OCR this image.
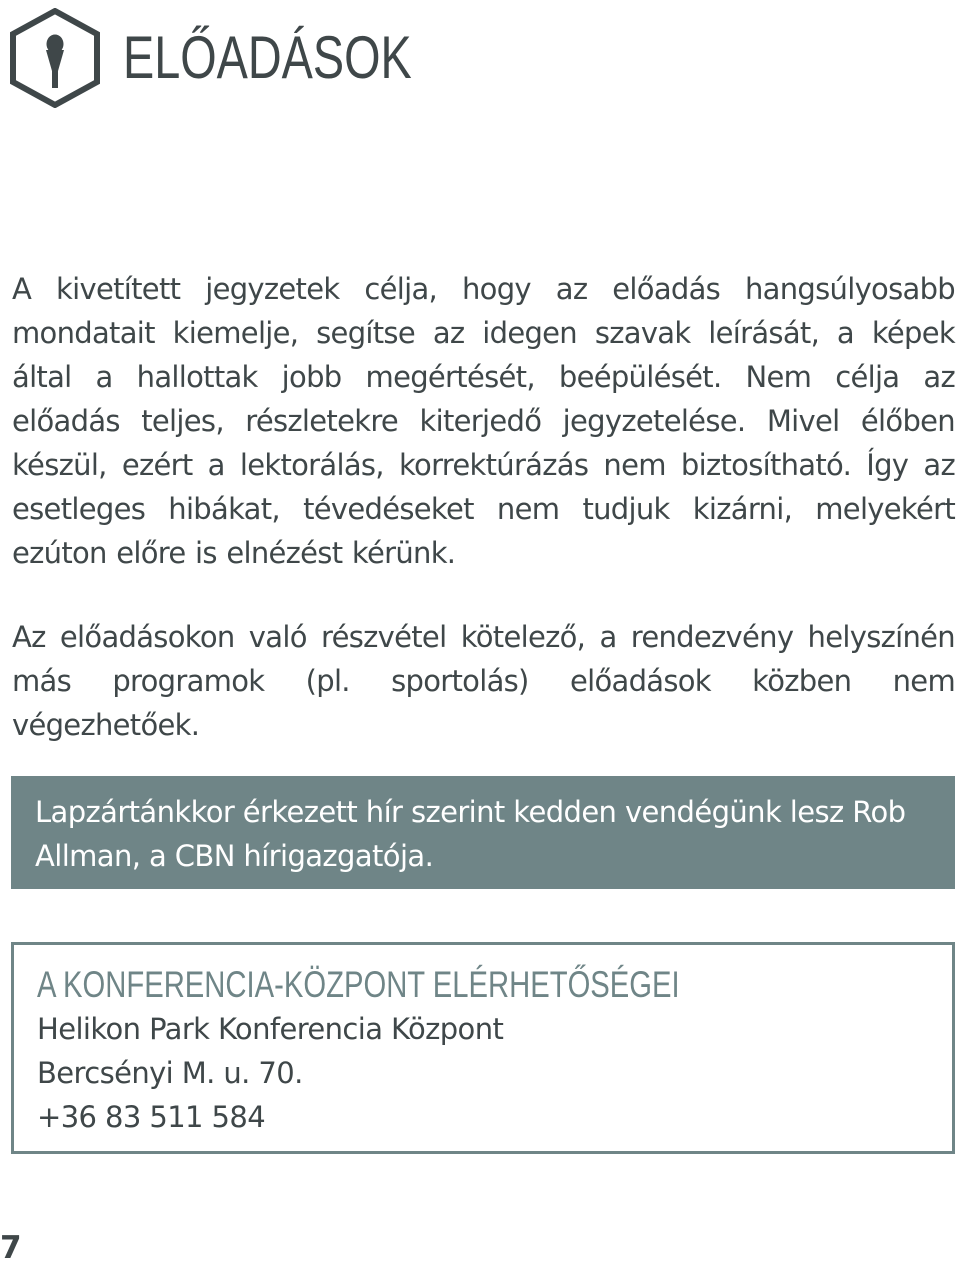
ELŐADÁSOK

A kivetített jegyzetek célja, hogy az előadás hangsúlyosabb mondatait kiemelje, segítse az idegen szavak leírását, a képek által a hallottak jobb megértését, beépülését. Nem célja az előadás teljes, részletekre kiterjedő jegyzetelése. Mivel élőben készül, ezért a lektorálás, korrektúrázás nem biztosítható. Így az esetleges hibákat, tévedéseket nem tudjuk kizárni, melyekért ezúton előre is elnézést kérünk.

Az előadásokon való részvétel kötelező, a rendezvény helyszínén más programok (pl. sportolás) előadások közben nem végezhetőek.

Lapzártánkkor érkezett hír szerint kedden vendégünk lesz Rob Allman, a CBN hírigazgatója.

A KONFERENCIA-KÖZPONT ELÉRHETŐSÉGEI
Helikon Park Konferencia Központ
Bercsényi M. u. 70.
+36 83 511 584
7
